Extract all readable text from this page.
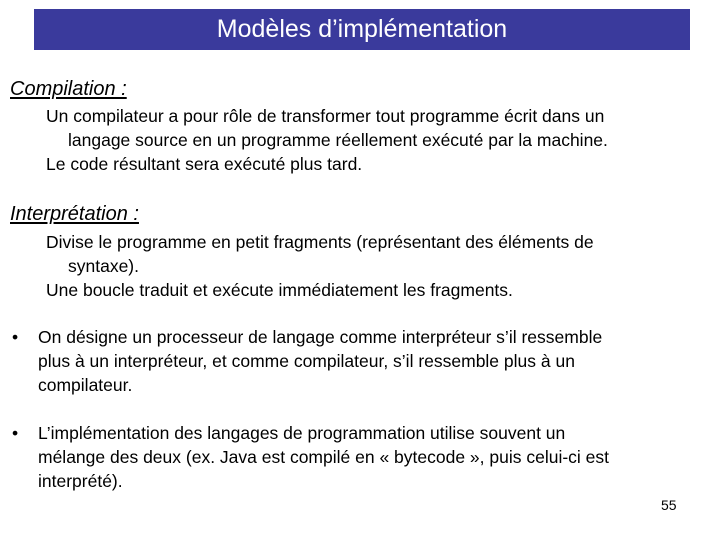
Modèles d’implémentation
Compilation :

Un compilateur a pour rôle de transformer tout programme écrit dans un
langage source en un programme réellement exécuté par la machine.

Le code résultant sera exécuté plus tard.

Interprétation :

Divise le programme en petit fragments (représentant des éléments de
syntaxe).

Une boucle traduit et exécute immédiatement les fragments.

•	On désigne un processeur de langage comme interpréteur s’il ressemble
plus à un interpréteur, et comme compilateur, s’il ressemble plus à un
compilateur.
•	L’implémentation des langages de programmation utilise souvent un
mélange des deux (ex. Java est compilé en « bytecode », puis celui-ci est
interprété).
55
